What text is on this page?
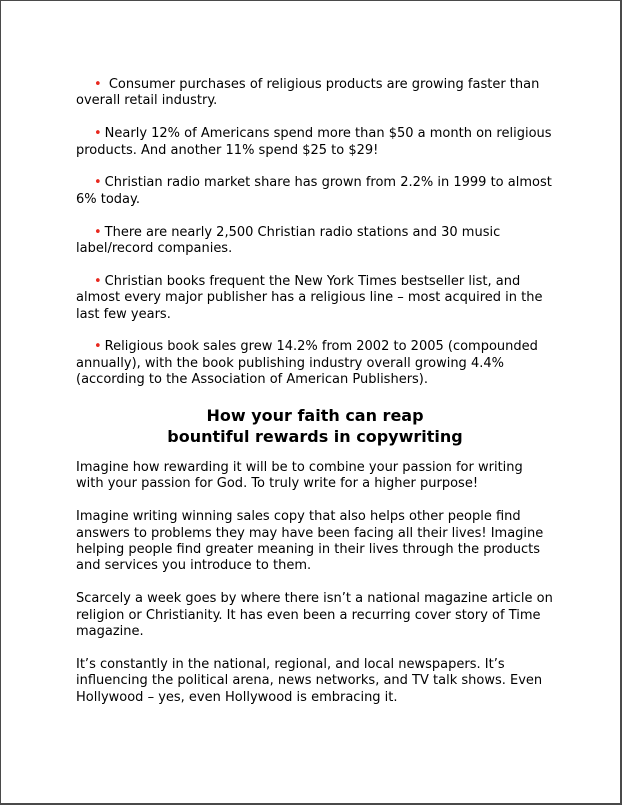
• Consumer purchases of religious products are growing faster than overall retail industry.

• Nearly 12% of Americans spend more than $50 a month on religious products. And another 11% spend $25 to $29!

• Christian radio market share has grown from 2.2% in 1999 to almost 6% today.

• There are nearly 2,500 Christian radio stations and 30 music label/record companies.

• Christian books frequent the New York Times bestseller list, and almost every major publisher has a religious line – most acquired in the last few years.

• Religious book sales grew 14.2% from 2002 to 2005 (compounded annually), with the book publishing industry overall growing 4.4% (according to the Association of American Publishers).

How your faith can reap
bountiful rewards in copywriting

Imagine how rewarding it will be to combine your passion for writing with your passion for God. To truly write for a higher purpose!

Imagine writing winning sales copy that also helps other people find answers to problems they may have been facing all their lives! Imagine helping people find greater meaning in their lives through the products and services you introduce to them.

Scarcely a week goes by where there isn’t a national magazine article on religion or Christianity. It has even been a recurring cover story of Time magazine.

It’s constantly in the national, regional, and local newspapers. It’s influencing the political arena, news networks, and TV talk shows. Even Hollywood – yes, even Hollywood is embracing it.
